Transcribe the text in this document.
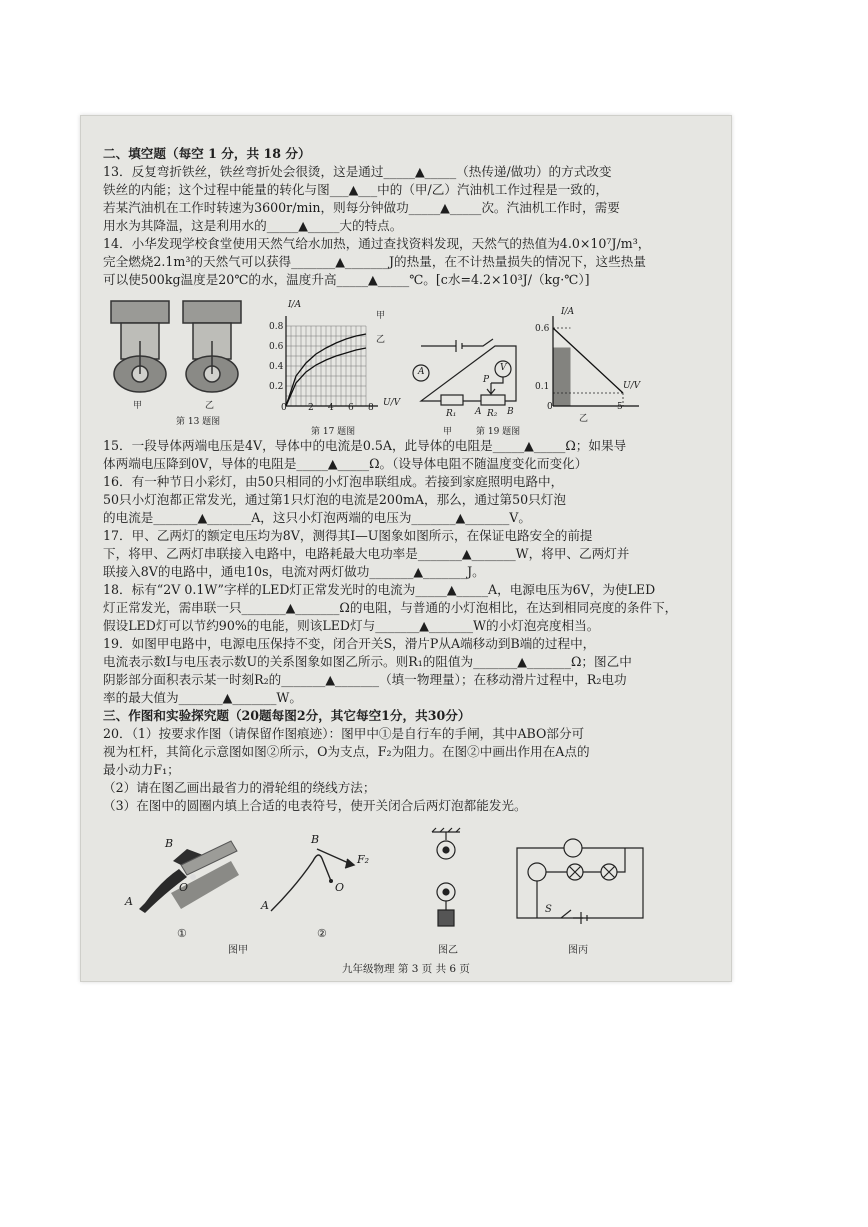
二、填空题（每空 1 分，共 18 分）
13．反复弯折铁丝，铁丝弯折处会很烫，这是通过_____▲_____（热传递/做功）的方式改变
铁丝的内能；这个过程中能量的转化与图___▲___中的（甲/乙）汽油机工作过程是一致的，
若某汽油机在工作时转速为3600r/min，则每分钟做功_____▲_____次。汽油机工作时，需要
用水为其降温，这是利用水的_____▲_____大的特点。
14．小华发现学校食堂使用天然气给水加热，通过查找资料发现，天然气的热值为4.0×10⁷J/m³，
完全燃烧2.1m³的天然气可以获得_______▲_______J的热量，在不计热量损失的情况下，这些热量
可以使500kg温度是20℃的水，温度升高_____▲_____℃。[c水=4.2×10³J/（kg·℃）]
甲	乙
第 13 题图
I/A
U/V
甲
乙
0.8
0.6
0.4
0.2
0 2 4 6 8
第 17 题图
A	V
P
R₁ A R₂ B
甲
I/A
U/V
0.6
0.1
0	5
乙
第 19 题图
15．一段导体两端电压是4V，导体中的电流是0.5A，此导体的电阻是_____▲_____Ω；如果导
体两端电压降到0V，导体的电阻是_____▲_____Ω。（设导体电阻不随温度变化而变化）
16．有一种节日小彩灯，由50只相同的小灯泡串联组成。若接到家庭照明电路中，
50只小灯泡都正常发光，通过第1只灯泡的电流是200mA，那么，通过第50只灯泡
的电流是_______▲_______A，这只小灯泡两端的电压为_______▲_______V。
17．甲、乙两灯的额定电压均为8V，测得其I—U图象如图所示，在保证电路安全的前提
下，将甲、乙两灯串联接入电路中，电路耗最大电功率是_______▲_______W，将甲、乙两灯并
联接入8V的电路中，通电10s，电流对两灯做功_______▲_______J。
18．标有“2V 0.1W”字样的LED灯正常发光时的电流为_____▲_____A，电源电压为6V，为使LED
灯正常发光，需串联一只_______▲_______Ω的电阻，与普通的小灯泡相比，在达到相同亮度的条件下，
假设LED灯可以节约90%的电能，则该LED灯与_______▲_______W的小灯泡亮度相当。
19．如图甲电路中，电源电压保持不变，闭合开关S，滑片P从A端移动到B端的过程中，
电流表示数I与电压表示数U的关系图象如图乙所示。则R₁的阻值为_______▲_______Ω；图乙中
阴影部分面积表示某一时刻R₂的_______▲_______（填一物理量）；在移动滑片过程中，R₂电功
率的最大值为_______▲_______W。
三、作图和实验探究题（20题每图2分，其它每空1分，共30分）
20．（1）按要求作图（请保留作图痕迹）：图甲中①是自行车的手闸，其中ABO部分可
视为杠杆，其简化示意图如图②所示，O为支点，F₂为阻力。在图②中画出作用在A点的
最小动力F₁；
（2）请在图乙画出最省力的滑轮组的绕线方法；
（3）在图中的圆圈内填上合适的电表符号，使开关闭合后两灯泡都能发光。
B
A
O
①
B
F₂
A
O
②
图甲	图乙
S
图丙
九年级物理 第 3 页 共 6 页
